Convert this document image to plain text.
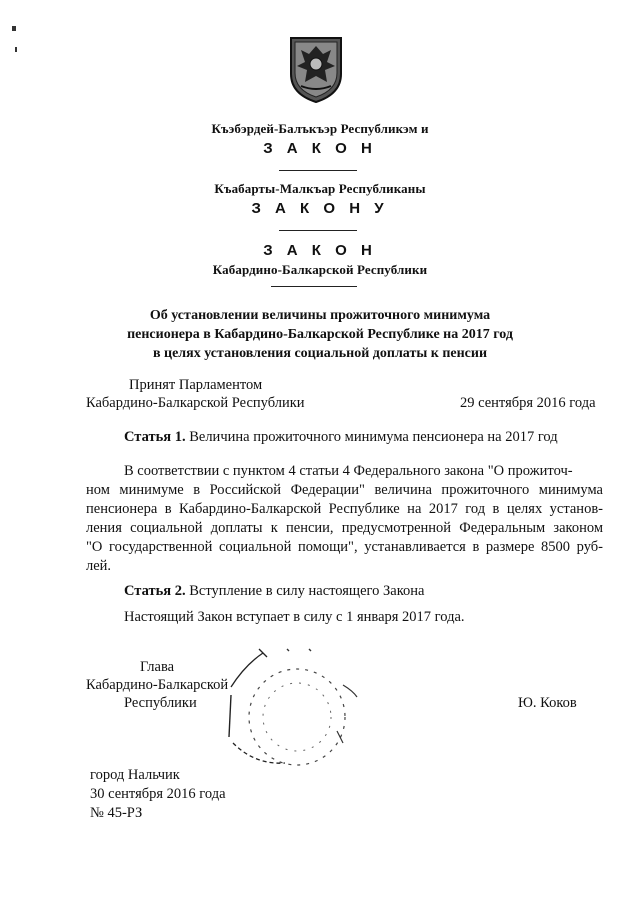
Къэбэрдей-Балъкъэр Республикэм и
З А К О Н
Къабарты-Малкъар Республиканы
З А К О Н У
З А К О Н
Кабардино-Балкарской Республики
Об установлении величины прожиточного минимума
пенсионера в Кабардино-Балкарской Республике на 2017 год
в целях установления социальной доплаты к пенсии
Принят Парламентом
Кабардино-Балкарской Республики	29 сентября 2016 года
Статья 1. Величина прожиточного минимума пенсионера на 2017 год
В соответствии с пунктом 4 статьи 4 Федерального закона "О прожиточ-
ном минимуме в Российской Федерации" величина прожиточного минимума
пенсионера в Кабардино-Балкарской Республике на 2017 год в целях установ-
ления социальной доплаты к пенсии, предусмотренной Федеральным законом
"О государственной социальной помощи", устанавливается в размере 8500 руб-
лей.
Статья 2. Вступление в силу настоящего Закона
Настоящий Закон вступает в силу с 1 января 2017 года.
Глава
Кабардино-Балкарской
Республики	Ю. Коков
город Нальчик
30 сентября 2016 года
№ 45-РЗ
